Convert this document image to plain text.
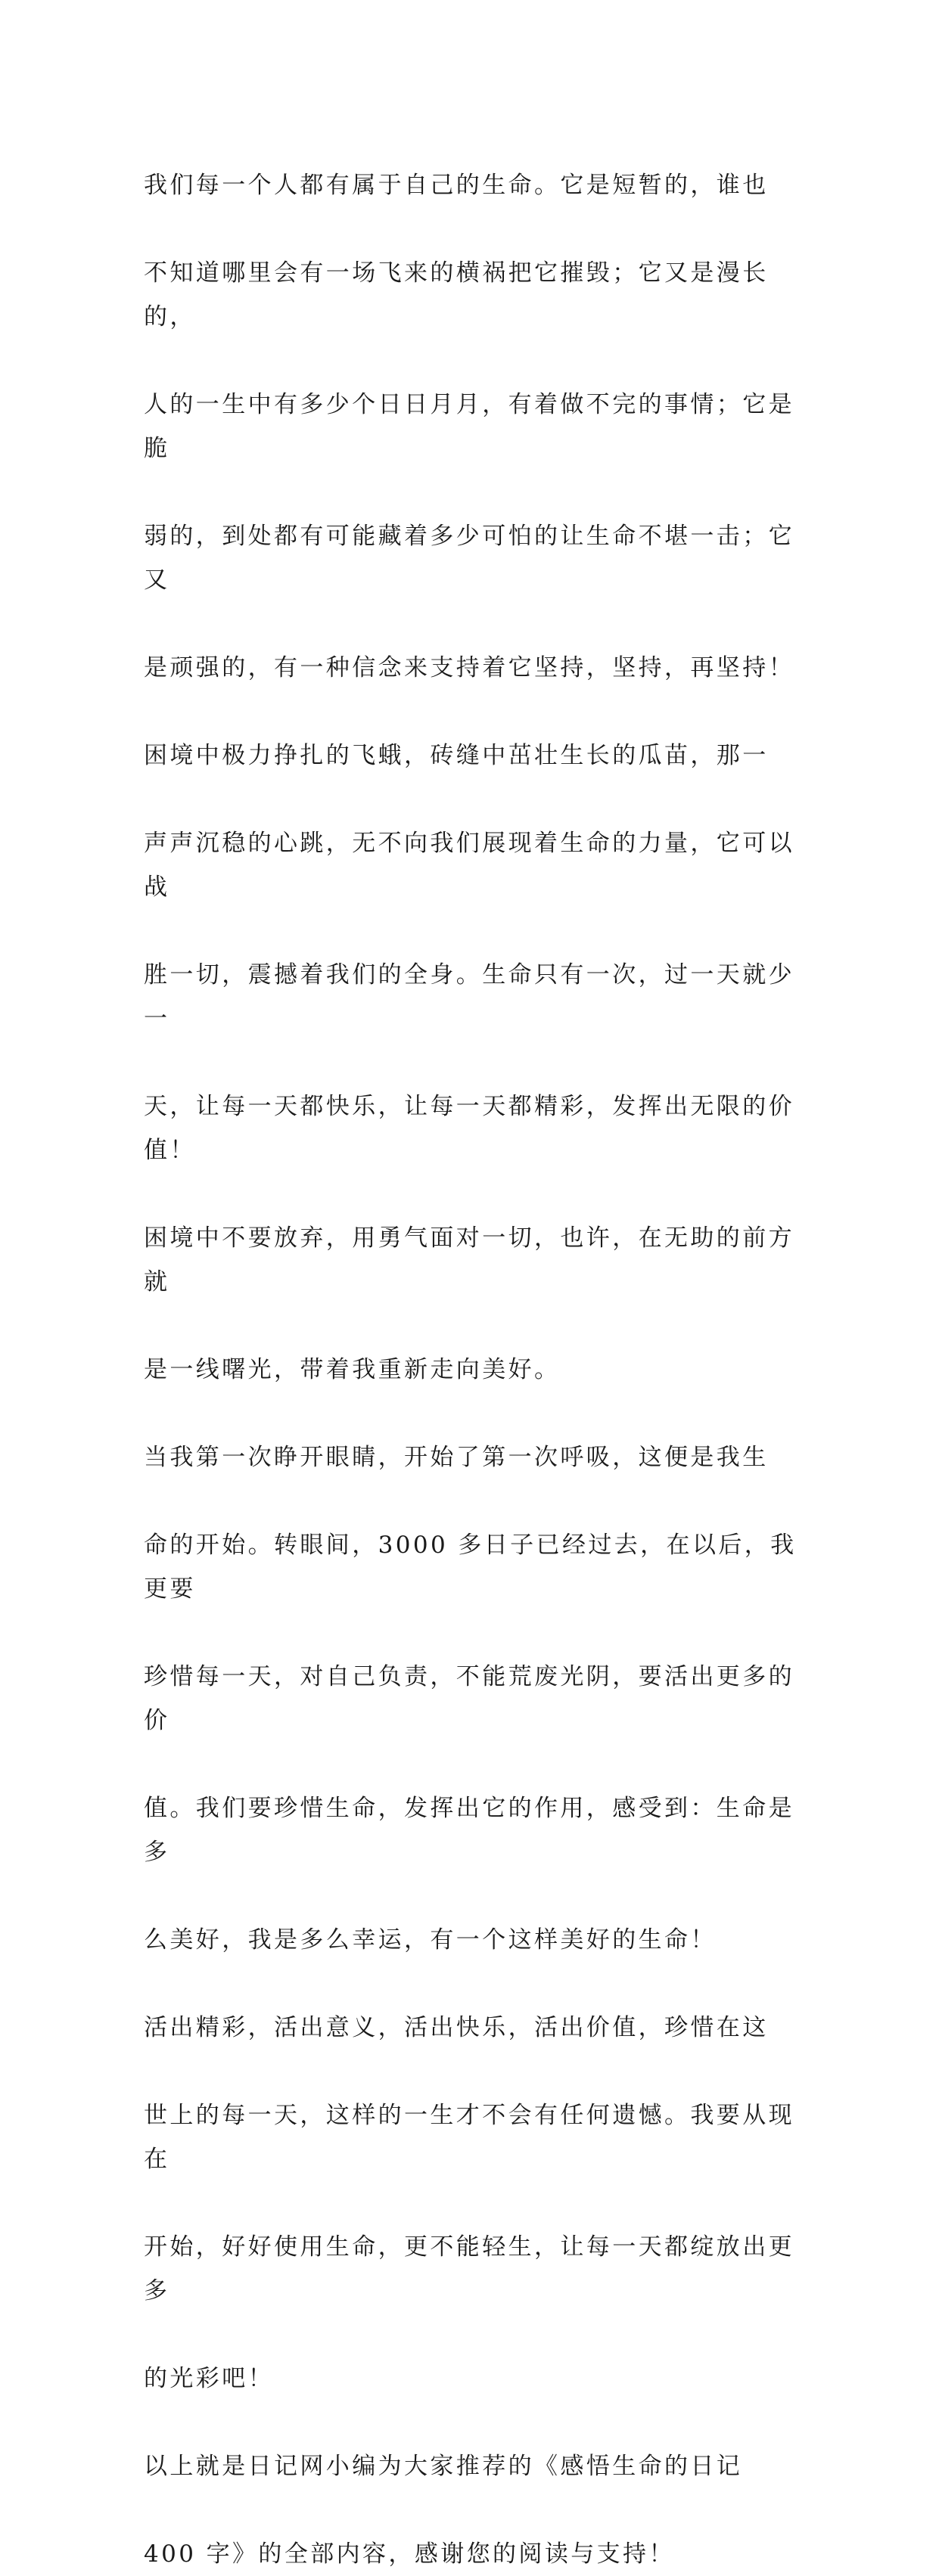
我们每一个人都有属于自己的生命。它是短暂的，谁也

不知道哪里会有一场飞来的横祸把它摧毁；它又是漫长的，

人的一生中有多少个日日月月，有着做不完的事情；它是脆

弱的，到处都有可能藏着多少可怕的让生命不堪一击；它又

是顽强的，有一种信念来支持着它坚持，坚持，再坚持！

困境中极力挣扎的飞蛾，砖缝中茁壮生长的瓜苗，那一

声声沉稳的心跳，无不向我们展现着生命的力量，它可以战

胜一切，震撼着我们的全身。生命只有一次，过一天就少一

天，让每一天都快乐，让每一天都精彩，发挥出无限的价值！

困境中不要放弃，用勇气面对一切，也许，在无助的前方就

是一线曙光，带着我重新走向美好。

当我第一次睁开眼睛，开始了第一次呼吸，这便是我生

命的开始。转眼间，3000 多日子已经过去，在以后，我更要

珍惜每一天，对自己负责，不能荒废光阴，要活出更多的价

值。我们要珍惜生命，发挥出它的作用，感受到：生命是多

么美好，我是多么幸运，有一个这样美好的生命！

活出精彩，活出意义，活出快乐，活出价值，珍惜在这

世上的每一天，这样的一生才不会有任何遗憾。我要从现在

开始，好好使用生命，更不能轻生，让每一天都绽放出更多

的光彩吧！

以上就是日记网小编为大家推荐的《感悟生命的日记

400 字》的全部内容，感谢您的阅读与支持！
